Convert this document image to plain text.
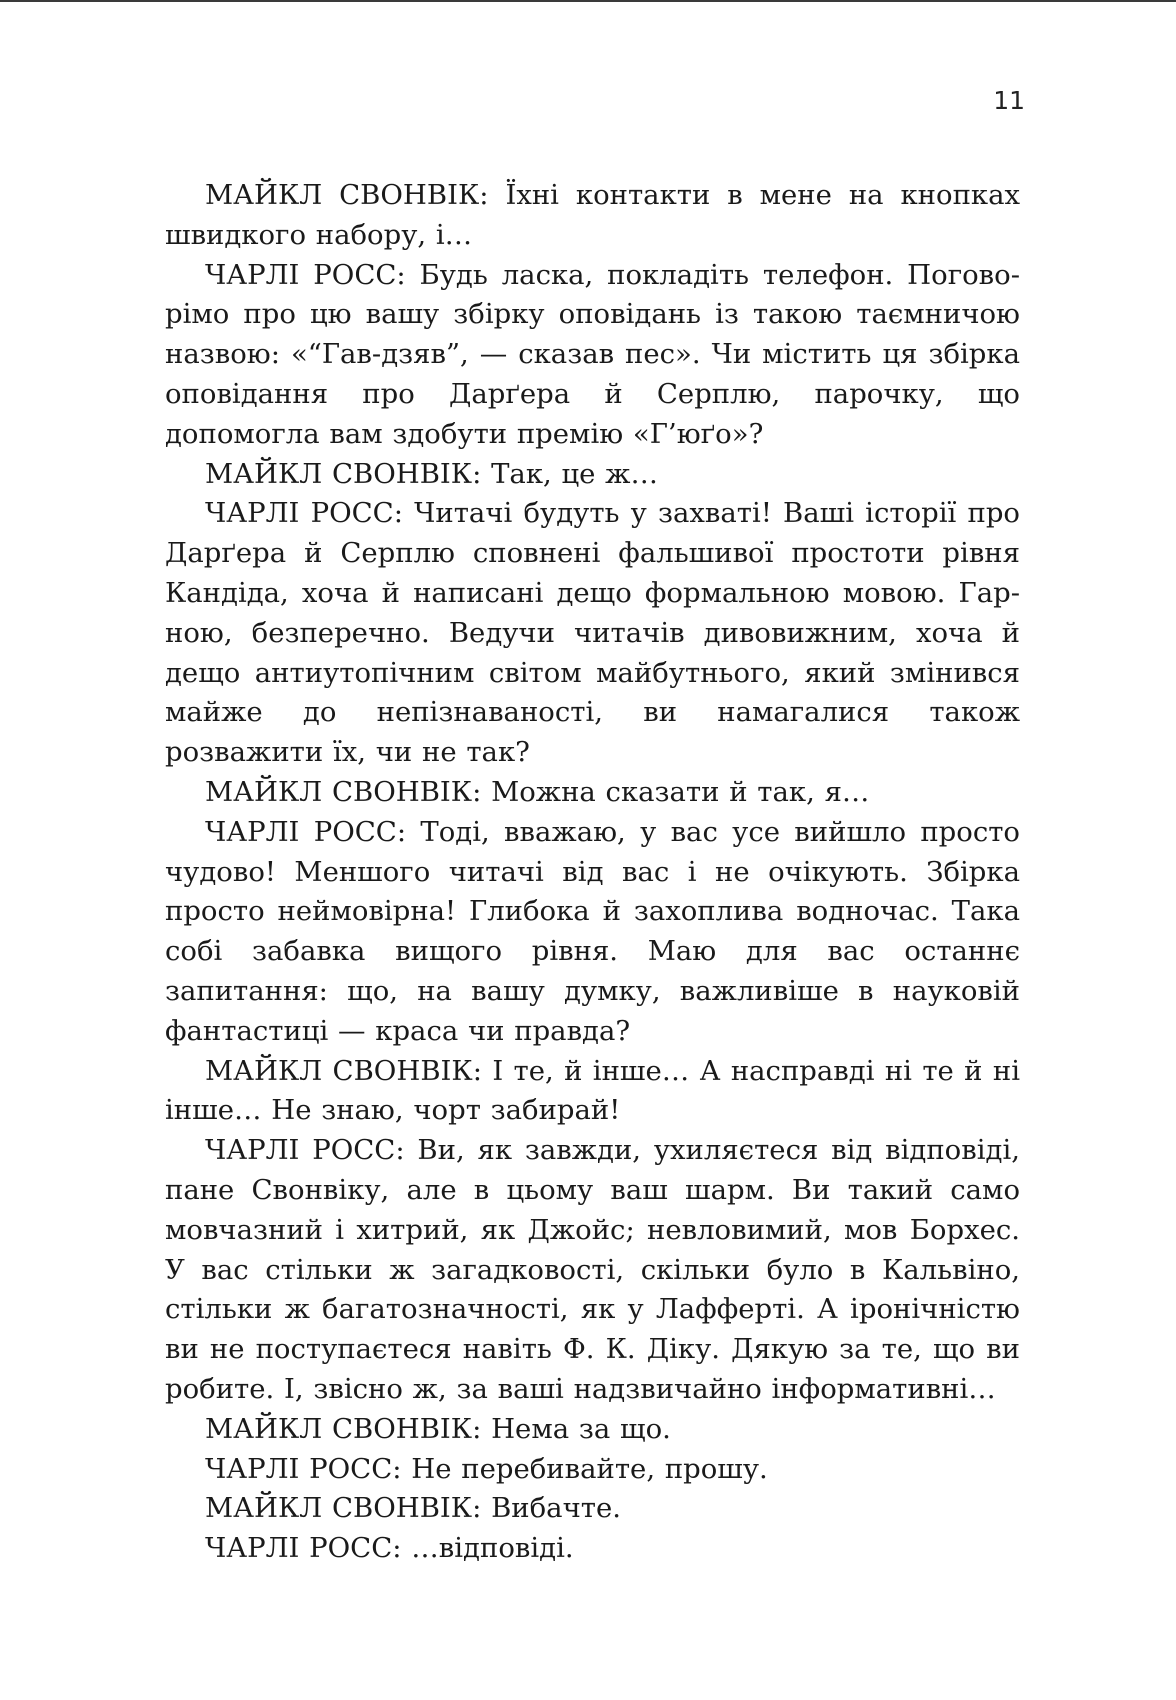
11

МАЙКЛ СВОНВІК: Їхні контакти в мене на кнопках швидкого набору, і…

ЧАРЛІ РОСС: Будь ласка, покладіть телефон. Поговорімо про цю вашу збірку оповідань із такою таємничою назвою: «“Гав-дзяв”, — сказав пес». Чи містить ця збірка оповідання про Дарґера й Серплю, парочку, що допомогла вам здобути премію «Г’юґо»?

МАЙКЛ СВОНВІК: Так, це ж…

ЧАРЛІ РОСС: Читачі будуть у захваті! Ваші історії про Дарґера й Серплю сповнені фальшивої простоти рівня Кандіда, хоча й написані дещо формальною мовою. Гарною, безперечно. Ведучи читачів дивовижним, хоча й дещо антиутопічним світом майбутнього, який змінився майже до непізнаваності, ви намагалися також розважити їх, чи не так?

МАЙКЛ СВОНВІК: Можна сказати й так, я…

ЧАРЛІ РОСС: Тоді, вважаю, у вас усе вийшло просто чудово! Меншого читачі від вас і не очікують. Збірка просто неймовірна! Глибока й захоплива водночас. Така собі забавка вищого рівня. Маю для вас останнє запитання: що, на вашу думку, важливіше в науковій фантастиці — краса чи правда?

МАЙКЛ СВОНВІК: І те, й інше… А насправді ні те й ні інше… Не знаю, чорт забирай!

ЧАРЛІ РОСС: Ви, як завжди, ухиляєтеся від відповіді, пане Свонвіку, але в цьому ваш шарм. Ви такий само мовчазний і хитрий, як Джойс; невловимий, мов Борхес. У вас стільки ж загадковості, скільки було в Кальвіно, стільки ж багатозначності, як у Лафферті. А іронічністю ви не поступаєтеся навіть Ф. К. Діку. Дякую за те, що ви робите. І, звісно ж, за ваші надзвичайно інформативні…

МАЙКЛ СВОНВІК: Нема за що.

ЧАРЛІ РОСС: Не перебивайте, прошу.

МАЙКЛ СВОНВІК: Вибачте.

ЧАРЛІ РОСС: …відповіді.
